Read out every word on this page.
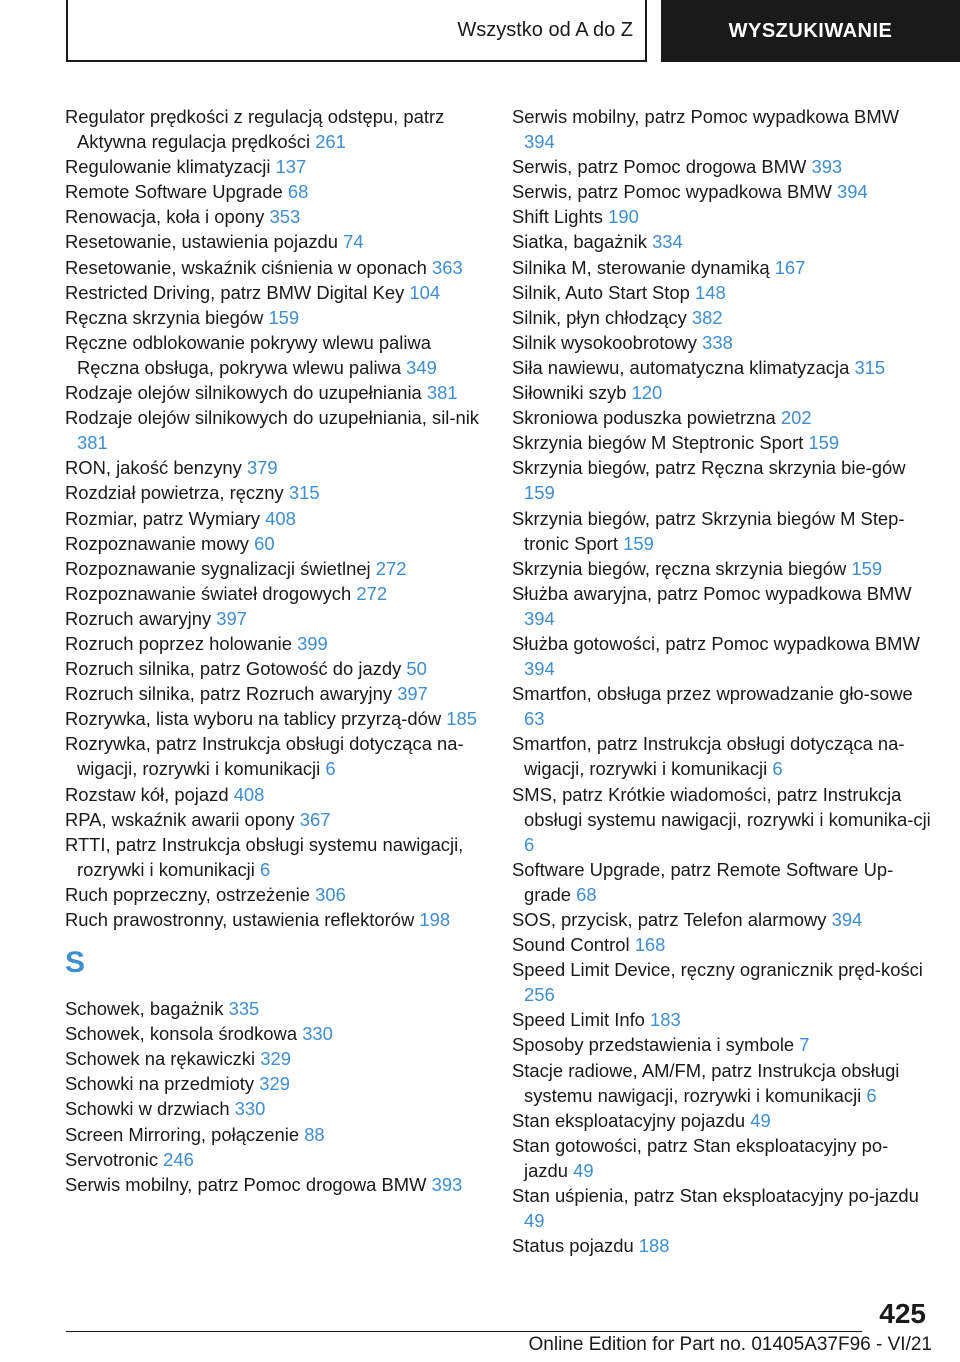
Wszystko od A do Z	WYSZUKIWANIE
Regulator prędkości z regulacją odstępu, patrz Aktywna regulacja prędkości 261
Regulowanie klimatyzacji 137
Remote Software Upgrade 68
Renowacja, koła i opony 353
Resetowanie, ustawienia pojazdu 74
Resetowanie, wskaźnik ciśnienia w oponach 363
Restricted Driving, patrz BMW Digital Key 104
Ręczna skrzynia biegów 159
Ręczne odblokowanie pokrywy wlewu paliwa Ręczna obsługa, pokrywa wlewu paliwa 349
Rodzaje olejów silnikowych do uzupełniania 381
Rodzaje olejów silnikowych do uzupełniania, sil-nik381
RON, jakość benzyny 379
Rozdział powietrza, ręczny 315
Rozmiar, patrz Wymiary 408
Rozpoznawanie mowy 60
Rozpoznawanie sygnalizacji świetlnej 272
Rozpoznawanie świateł drogowych 272
Rozruch awaryjny 397
Rozruch poprzez holowanie 399
Rozruch silnika, patrz Gotowość do jazdy 50
Rozruch silnika, patrz Rozruch awaryjny 397
Rozrywka, lista wyboru na tablicy przyrzą-dów 185
Rozrywka, patrz Instrukcja obsługi dotycząca na-wigacji, rozrywki i komunikacji 6
Rozstaw kół, pojazd 408
RPA, wskaźnik awarii opony 367
RTTI, patrz Instrukcja obsługi systemu nawigacji, rozrywki i komunikacji 6
Ruch poprzeczny, ostrzeżenie 306
Ruch prawostronny, ustawienia reflektorów 198
S
Schowek, bagażnik 335
Schowek, konsola środkowa 330
Schowek na rękawiczki 329
Schowki na przedmioty 329
Schowki w drzwiach 330
Screen Mirroring, połączenie 88
Servotronic 246
Serwis mobilny, patrz Pomoc drogowa BMW 393
Serwis mobilny, patrz Pomoc wypadkowa BMW394
Serwis, patrz Pomoc drogowa BMW 393
Serwis, patrz Pomoc wypadkowa BMW 394
Shift Lights 190
Siatka, bagażnik 334
Silnika M, sterowanie dynamiką 167
Silnik, Auto Start Stop 148
Silnik, płyn chłodzący 382
Silnik wysokoobrotowy 338
Siła nawiewu, automatyczna klimatyzacja 315
Siłowniki szyb 120
Skroniowa poduszka powietrzna 202
Skrzynia biegów M Steptronic Sport 159
Skrzynia biegów, patrz Ręczna skrzynia bie-gów159
Skrzynia biegów, patrz Skrzynia biegów M Step-tronic Sport 159
Skrzynia biegów, ręczna skrzynia biegów 159
Służba awaryjna, patrz Pomoc wypadkowa BMW394
Służba gotowości, patrz Pomoc wypadkowa BMW394
Smartfon, obsługa przez wprowadzanie gło-sowe63
Smartfon, patrz Instrukcja obsługi dotycząca na-wigacji, rozrywki i komunikacji 6
SMS, patrz Krótkie wiadomości, patrz Instrukcja obsługi systemu nawigacji, rozrywki i komunika-cji6
Software Upgrade, patrz Remote Software Up-grade 68
SOS, przycisk, patrz Telefon alarmowy 394
Sound Control 168
Speed Limit Device, ręczny ogranicznik pręd-kości256
Speed Limit Info 183
Sposoby przedstawienia i symbole 7
Stacje radiowe, AM/FM, patrz Instrukcja obsługi systemu nawigacji, rozrywki i komunikacji 6
Stan eksploatacyjny pojazdu 49
Stan gotowości, patrz Stan eksploatacyjny po-jazdu 49
Stan uśpienia, patrz Stan eksploatacyjny po-jazdu49
Status pojazdu 188
425
Online Edition for Part no. 01405A37F96 - VI/21
